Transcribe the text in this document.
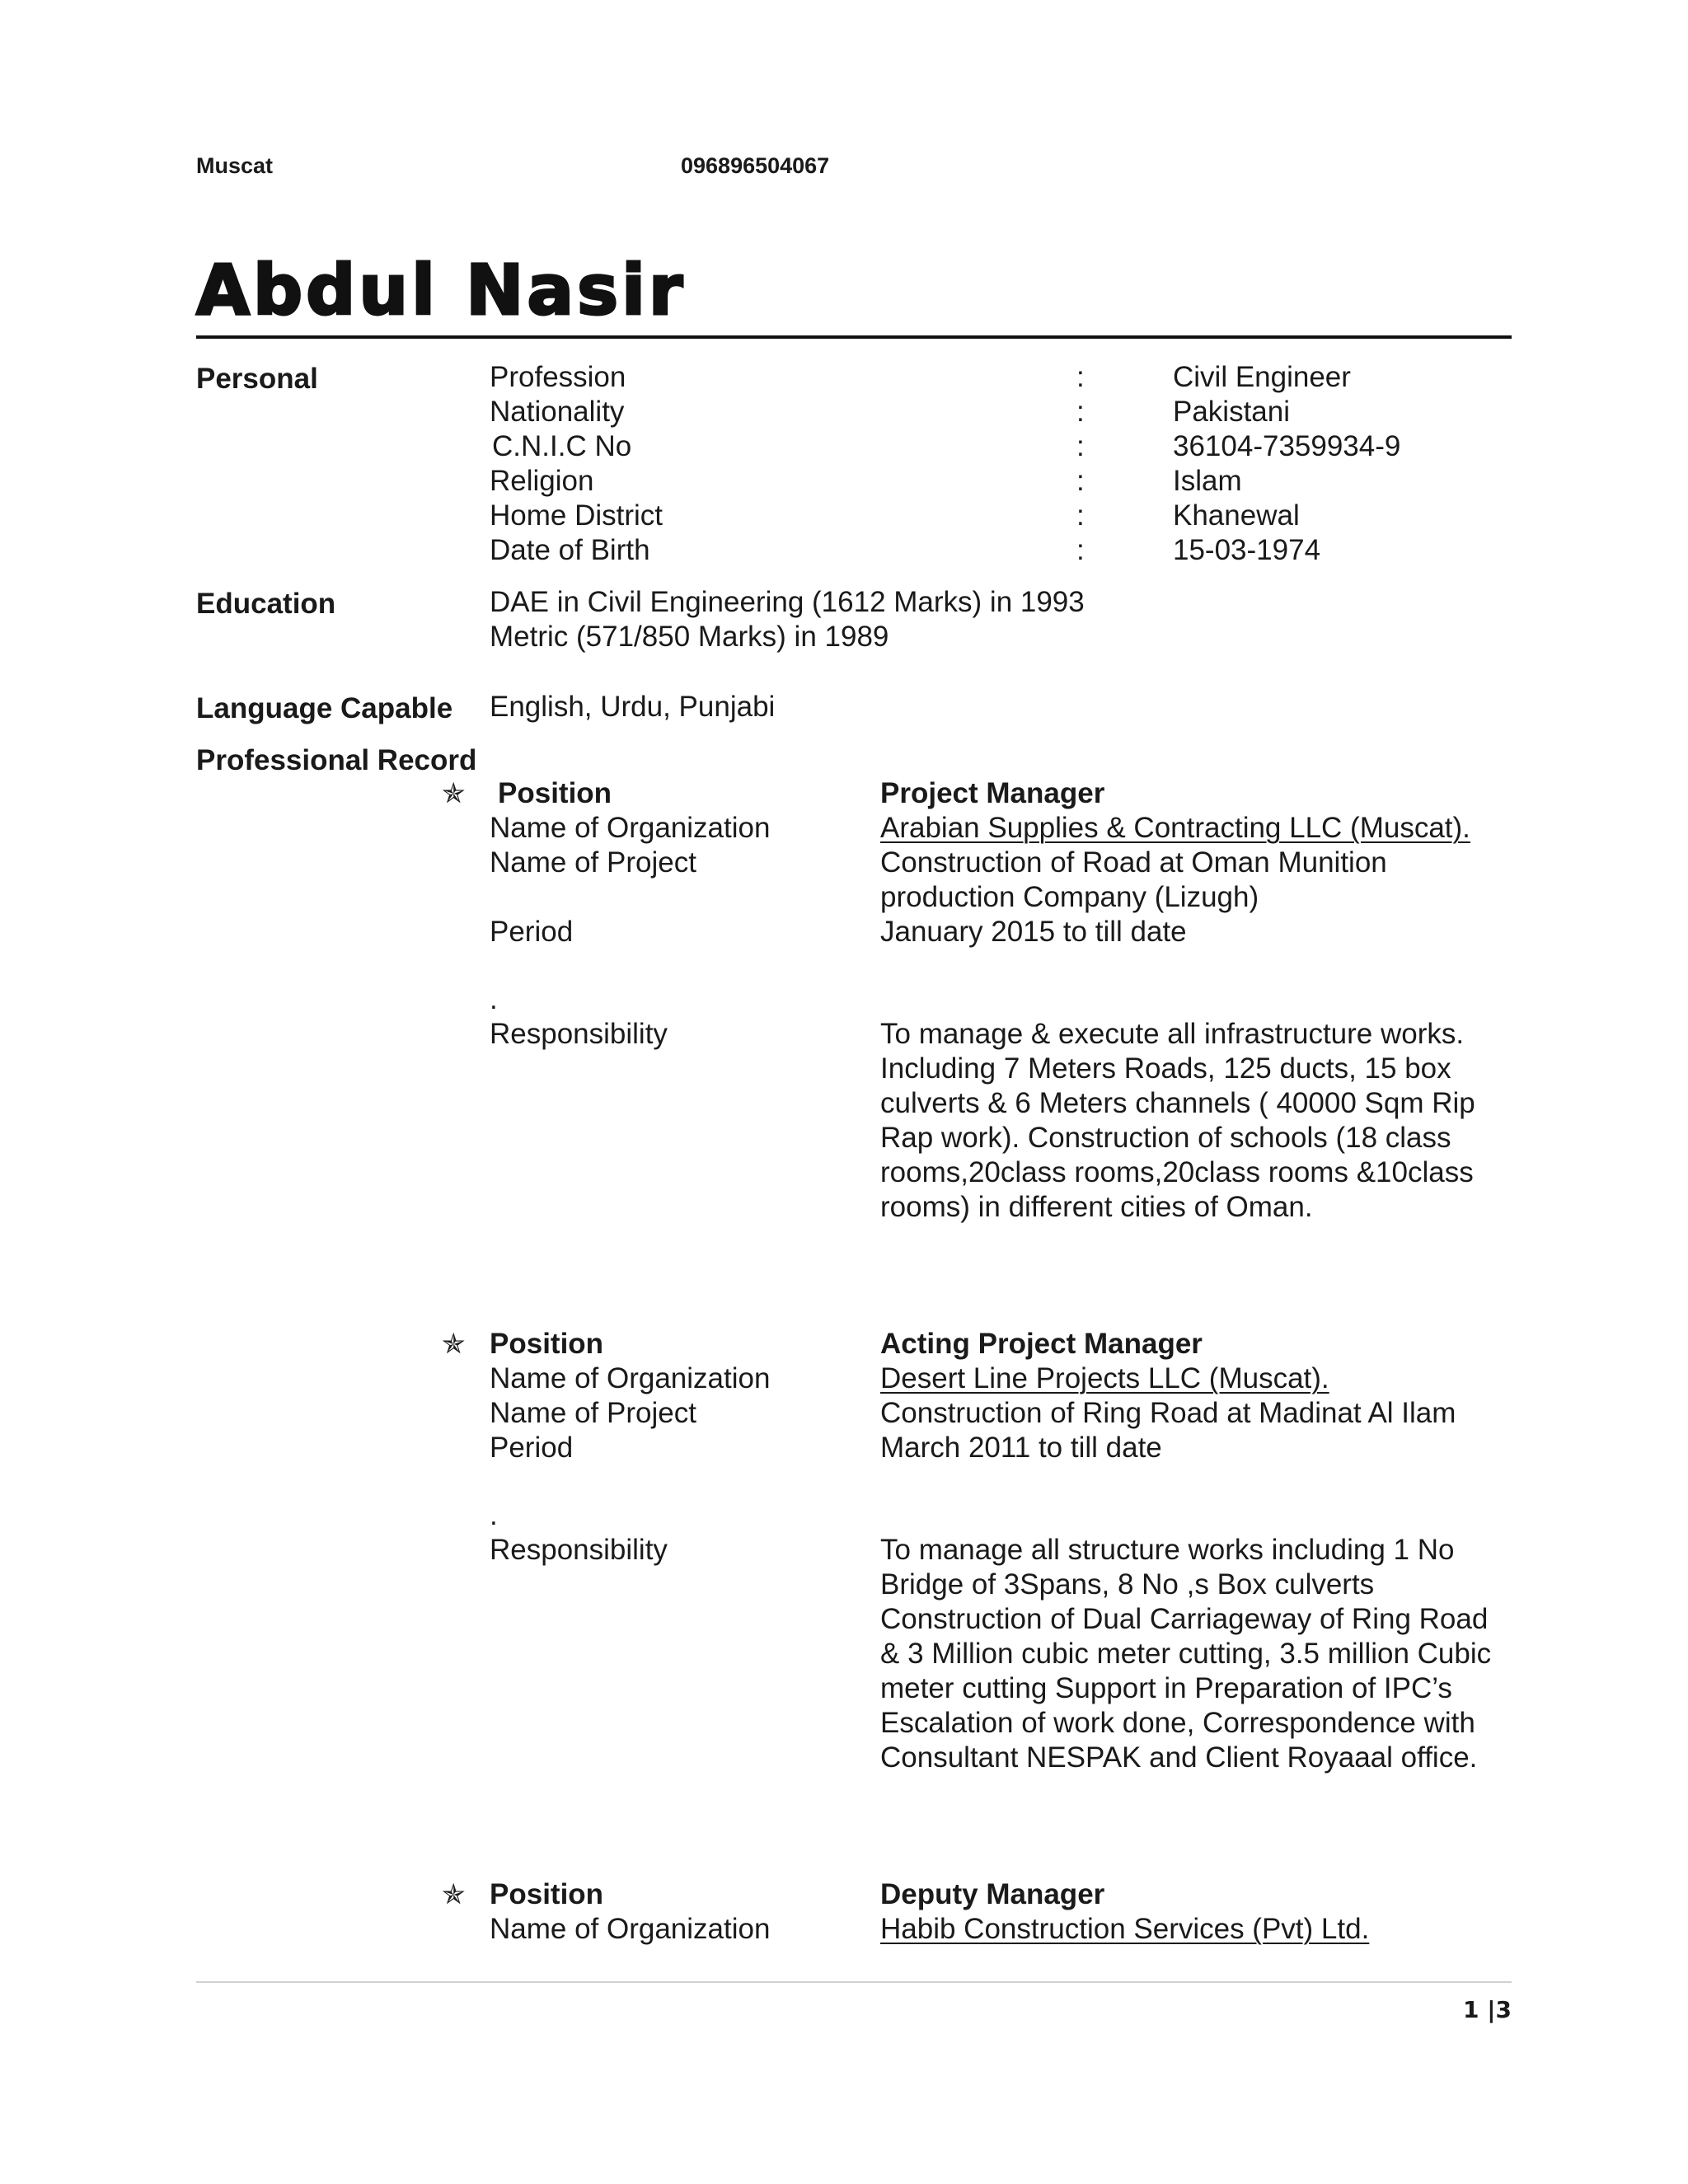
Muscat	096896504067
Abdul Nasir
Personal	Profession	:	Civil Engineer
Nationality	:	Pakistani
C.N.I.C No	:	36104-7359934-9
Religion	:	Islam
Home District	:	Khanewal
Date of Birth	:	15-03-1974
Education	DAE in Civil Engineering (1612 Marks) in 1993
Metric (571/850 Marks) in 1989
Language Capable English, Urdu, Punjabi
Professional Record
✯ Position	Project Manager
Name of Organization	Arabian Supplies & Contracting LLC (Muscat).
Name of Project	Construction of Road at Oman Munition production Company (Lizugh)
Period	January 2015 to till date
.
Responsibility	To manage & execute all infrastructure works. Including 7 Meters Roads, 125 ducts, 15 box culverts & 6 Meters channels ( 40000 Sqm Rip Rap work). Construction of schools (18 class rooms,20class rooms,20class rooms &10class rooms) in different cities of Oman.
✯ Position	Acting Project Manager
Name of Organization	Desert Line Projects LLC (Muscat).
Name of Project	Construction of Ring Road at Madinat Al Ilam
Period	March 2011 to till date
.
Responsibility	To manage all structure works including 1 No Bridge of 3Spans, 8 No ,s Box culverts Construction of Dual Carriageway of Ring Road & 3 Million cubic meter cutting, 3.5 million Cubic meter cutting Support in Preparation of IPC’s Escalation of work done, Correspondence with Consultant NESPAK and Client Royaaal office.
✯ Position	Deputy Manager
Name of Organization	Habib Construction Services (Pvt) Ltd.
1 |3
